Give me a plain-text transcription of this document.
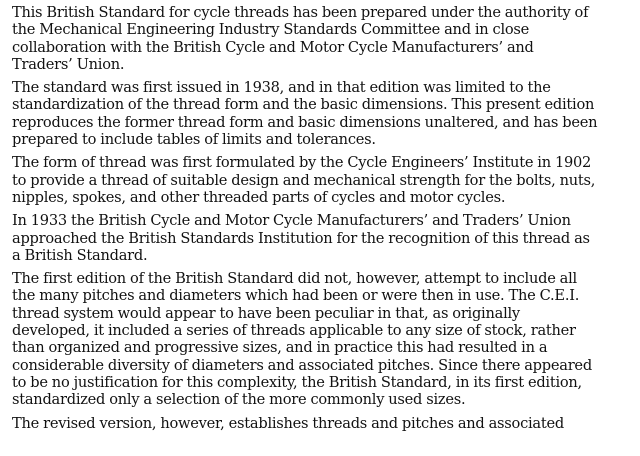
This British Standard for cycle threads has been prepared under the authority of
the Mechanical Engineering Industry Standards Committee and in close
collaboration with the British Cycle and Motor Cycle Manufacturers’ and
Traders’ Union.

The standard was first issued in 1938, and in that edition was limited to the
standardization of the thread form and the basic dimensions. This present edition
reproduces the former thread form and basic dimensions unaltered, and has been
prepared to include tables of limits and tolerances.

The form of thread was first formulated by the Cycle Engineers’ Institute in 1902
to provide a thread of suitable design and mechanical strength for the bolts, nuts,
nipples, spokes, and other threaded parts of cycles and motor cycles.

In 1933 the British Cycle and Motor Cycle Manufacturers’ and Traders’ Union
approached the British Standards Institution for the recognition of this thread as
a British Standard.

The first edition of the British Standard did not, however, attempt to include all
the many pitches and diameters which had been or were then in use. The C.E.I.
thread system would appear to have been peculiar in that, as originally
developed, it included a series of threads applicable to any size of stock, rather
than organized and progressive sizes, and in practice this had resulted in a
considerable diversity of diameters and associated pitches. Since there appeared
to be no justification for this complexity, the British Standard, in its first edition,
standardized only a selection of the more commonly used sizes.

The revised version, however, establishes threads and pitches and associated
